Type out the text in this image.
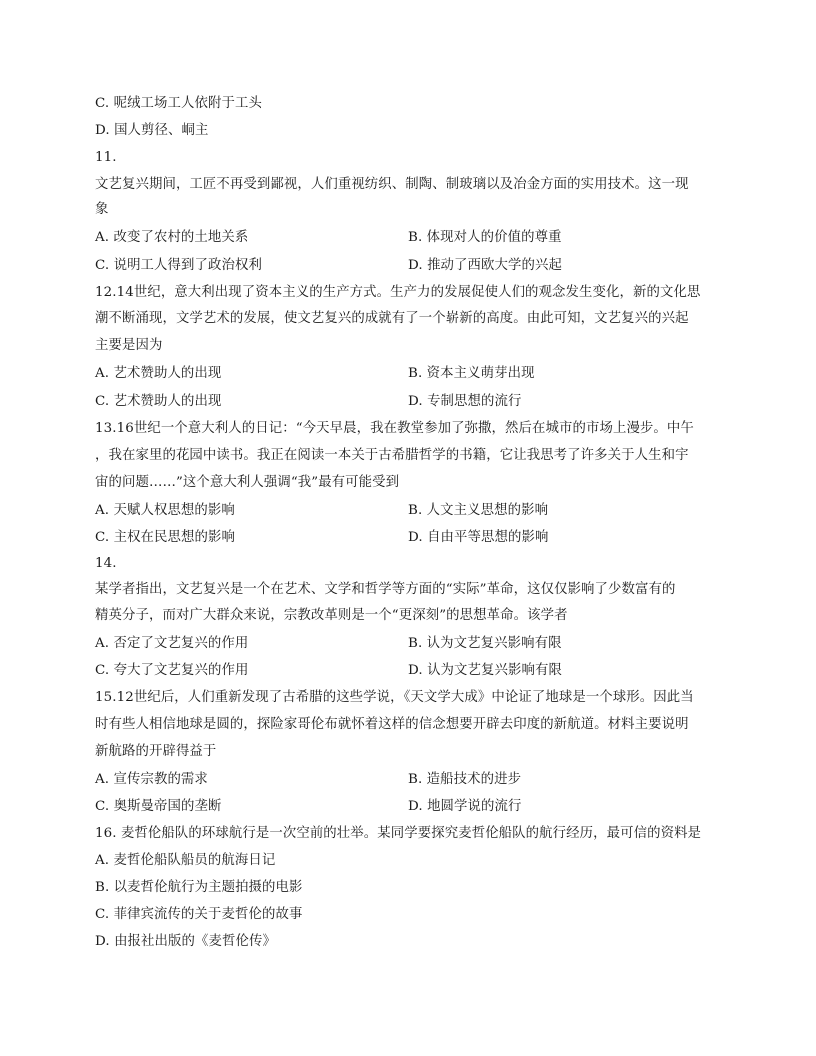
C. 呢绒工场工人依附于工头
D. 国人剪径、峒主
11.
文艺复兴期间，工匠不再受到鄙视，人们重视纺织、制陶、制玻璃以及冶金方面的实用技术。这一现
象
A. 改变了农村的土地关系	B. 体现对人的价值的尊重
C. 说明工人得到了政治权利	D. 推动了西欧大学的兴起
12.14世纪，意大利出现了资本主义的生产方式。生产力的发展促使人们的观念发生变化，新的文化思
潮不断涌现，文学艺术的发展，使文艺复兴的成就有了一个崭新的高度。由此可知，文艺复兴的兴起
主要是因为
A. 艺术赞助人的出现	B. 资本主义萌芽出现
C. 艺术赞助人的出现	D. 专制思想的流行
13.16世纪一个意大利人的日记：“今天早晨，我在教堂参加了弥撒，然后在城市的市场上漫步。中午
，我在家里的花园中读书。我正在阅读一本关于古希腊哲学的书籍，它让我思考了许多关于人生和宇
宙的问题……”这个意大利人强调“我”最有可能受到
A. 天赋人权思想的影响	B. 人文主义思想的影响
C. 主权在民思想的影响	D. 自由平等思想的影响
14.
某学者指出，文艺复兴是一个在艺术、文学和哲学等方面的“实际”革命，这仅仅影响了少数富有的
精英分子，而对广大群众来说，宗教改革则是一个“更深刻”的思想革命。该学者
A. 否定了文艺复兴的作用	B. 认为文艺复兴影响有限
C. 夸大了文艺复兴的作用	D. 认为文艺复兴影响有限
15.12世纪后，人们重新发现了古希腊的这些学说，《天文学大成》中论证了地球是一个球形。因此当
时有些人相信地球是圆的，探险家哥伦布就怀着这样的信念想要开辟去印度的新航道。材料主要说明
新航路的开辟得益于
A. 宣传宗教的需求	B. 造船技术的进步
C. 奥斯曼帝国的垄断	D. 地圆学说的流行
16. 麦哲伦船队的环球航行是一次空前的壮举。某同学要探究麦哲伦船队的航行经历，最可信的资料是
A. 麦哲伦船队船员的航海日记
B. 以麦哲伦航行为主题拍摄的电影
C. 菲律宾流传的关于麦哲伦的故事
D. 由报社出版的《麦哲伦传》
